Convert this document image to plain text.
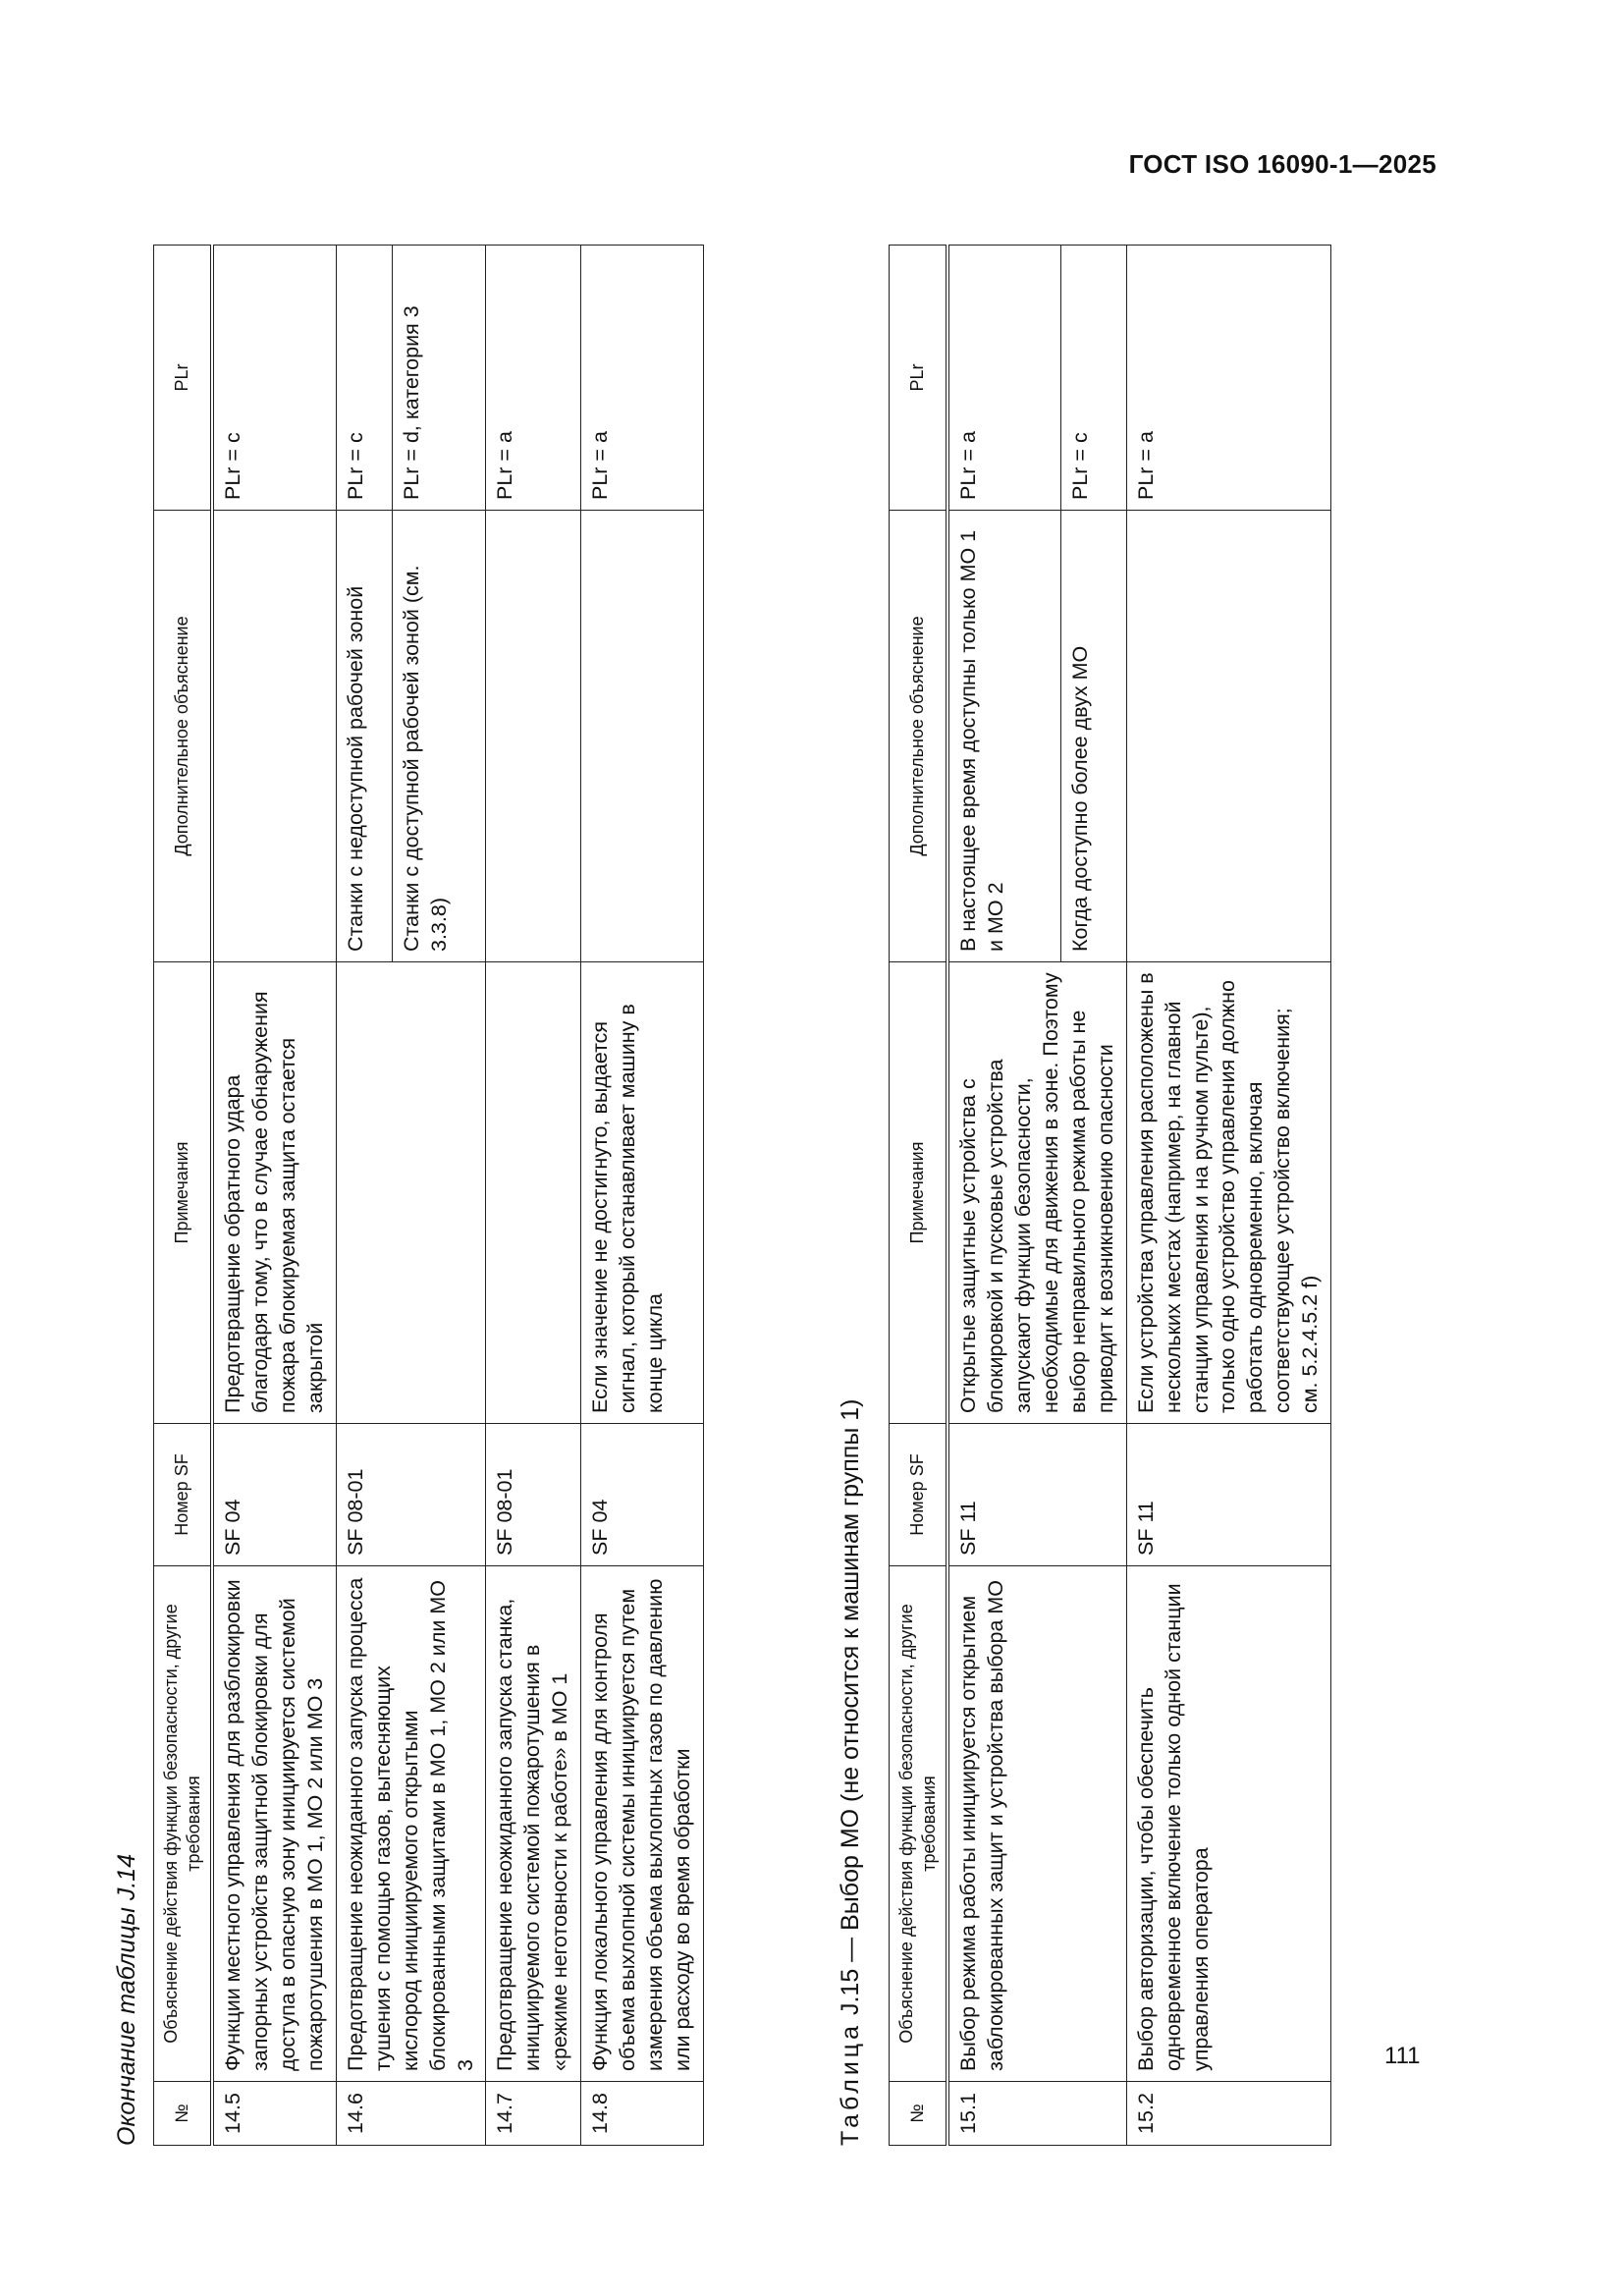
ГОСТ ISO 16090-1—2025
Окончание таблицы J.14 №	Объяснение действия функции безопасности, другие требования	Номер SF	Примечания	Дополнительное объяснение	PLr
14.5	Функции местного управления для разблокировки запорных устройств защитной блокировки для доступа в опасную зону инициируется системой пожаротушения в МО 1, МО 2 или МО 3	SF 04	Предотвращение обратного удара благодаря тому, что в случае обнаружения пожара блокируемая защита остается закрытой		PLr = c
14.6	Предотвращение неожиданного запуска процесса тушения с помощью газов, вытесняющих кислород инициируемого открытыми блокированными защитами в МО 1, МО 2 или МО 3	SF 08-01		Станки с недоступной рабочей зоной	PLr = c
				Станки с доступной рабочей зоной (см. 3.3.8)	PLr = d, категория 3
14.7	Предотвращение неожиданного запуска станка, инициируемого системой пожаротушения в «режиме неготовности к работе» в МО 1	SF 08-01			PLr = a
14.8	Функция локального управления для контроля объема выхлопной системы инициируется путем измерения объема выхлопных газов по давлению или расходу во время обработки	SF 04	Если значение не достигнуто, выдается сигнал, который останавливает машину в конце цикла		PLr = a
Таблица J.15 — Выбор МО (не относится к машинам группы 1)
№	Объяснение действия функции безопасности, другие требования	Номер SF	Примечания	Дополнительное объяснение	PLr
15.1	Выбор режима работы инициируется открытием заблокированных защит и устройства выбора МО	SF 11	Открытые защитные устройства с блокировкой и пусковые устройства запускают функции безопасности, необходимые для движения в зоне. Поэтому выбор неправильного режима работы не приводит к возникновению опасности	В настоящее время доступны только МО 1 и МО 2	PLr = a
				Когда доступно более двух МО	PLr = c
15.2	Выбор авторизации, чтобы обеспечить одновременное включение только одной станции управления оператора	SF 11	Если устройства управления расположены в нескольких местах (например, на главной станции управления и на ручном пульте), только одно устройство управления должно работать одновременно, включая соответствующее устройство включения; см. 5.2.4.5.2 f)		PLr = a
111
